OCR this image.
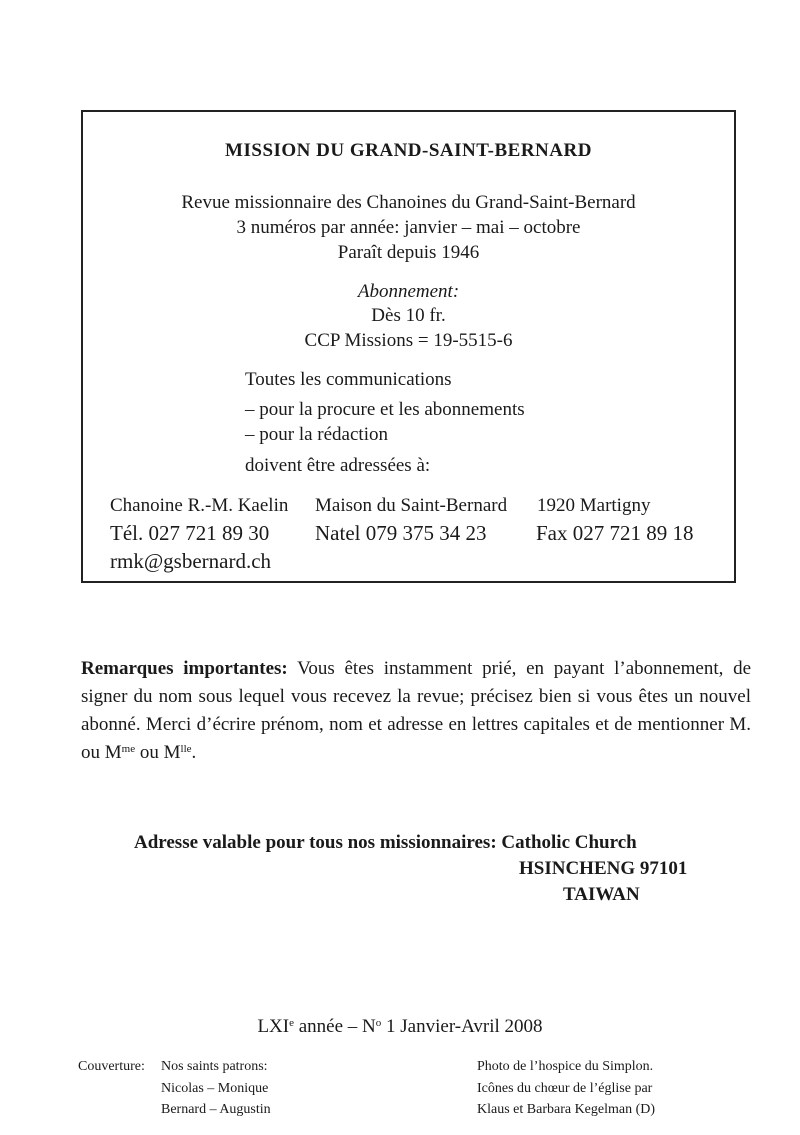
MISSION DU GRAND-SAINT-BERNARD
Revue missionnaire des Chanoines du Grand-Saint-Bernard
3 numéros par année: janvier – mai – octobre
Paraît depuis 1946
Abonnement:
Dès 10 fr.
CCP Missions = 19-5515-6
Toutes les communications
– pour la procure et les abonnements
– pour la rédaction
doivent être adressées à:
Chanoine R.-M. Kaelin Maison du Saint-Bernard 1920 Martigny
Tél. 027 721 89 30 Natel 079 375 34 23 Fax 027 721 89 18
rmk@gsbernard.ch
Remarques importantes: Vous êtes instamment prié, en payant l’abonnement, de signer du nom sous lequel vous recevez la revue; précisez bien si vous êtes un nouvel abonné. Merci d’écrire prénom, nom et adresse en lettres capitales et de mentionner M. ou $M^{me}$ ou $M^{lle}$.
Adresse valable pour tous nos missionnaires: Catholic Church
HSINCHENG 97101
TAIWAN
LXIe année – $N^o$ 1 Janvier-Avril 2008
Couverture: Nos saints patrons:
Nicolas – Monique
Bernard – Augustin
Photo de l’hospice du Simplon.
Icônes du chœur de l’église par
Klaus et Barbara Kegelman (D)
